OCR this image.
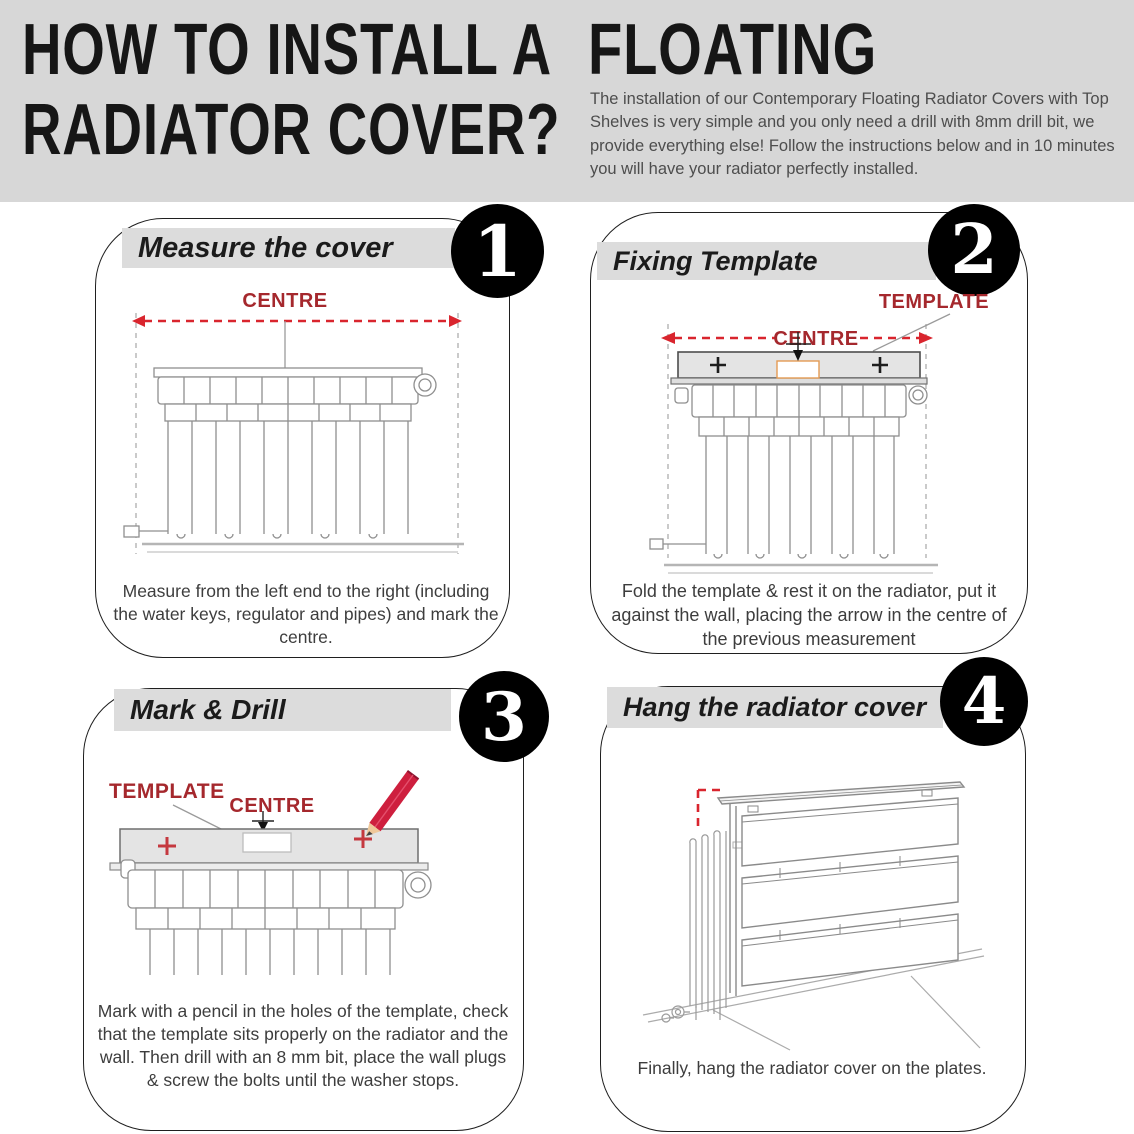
HOW TO INSTALL A
RADIATOR COVER?
FLOATING

The installation of our Contemporary Floating Radiator Covers with Top Shelves is very simple and you only need a drill with 8mm drill bit, we provide everything else! Follow the instructions below and in 10 minutes you will have your radiator perfectly installed.

Measure the cover	Fixing Template
Mark & Drill	Hang the radiator cover
1	2
3	4
CENTRE
CENTRE
TEMPLATE
TEMPLATE
CENTRE

Measure from the left end to the right (including the water keys, regulator and pipes) and mark the centre.

Fold the template & rest it on the radiator, put it against the wall, placing the arrow in the centre of the previous measurement

Mark with a pencil in the holes of the template, check that the template sits properly on the radiator and the wall. Then drill with an 8 mm bit, place the wall plugs & screw the bolts until the washer stops.

Finally, hang the radiator cover on the plates.
